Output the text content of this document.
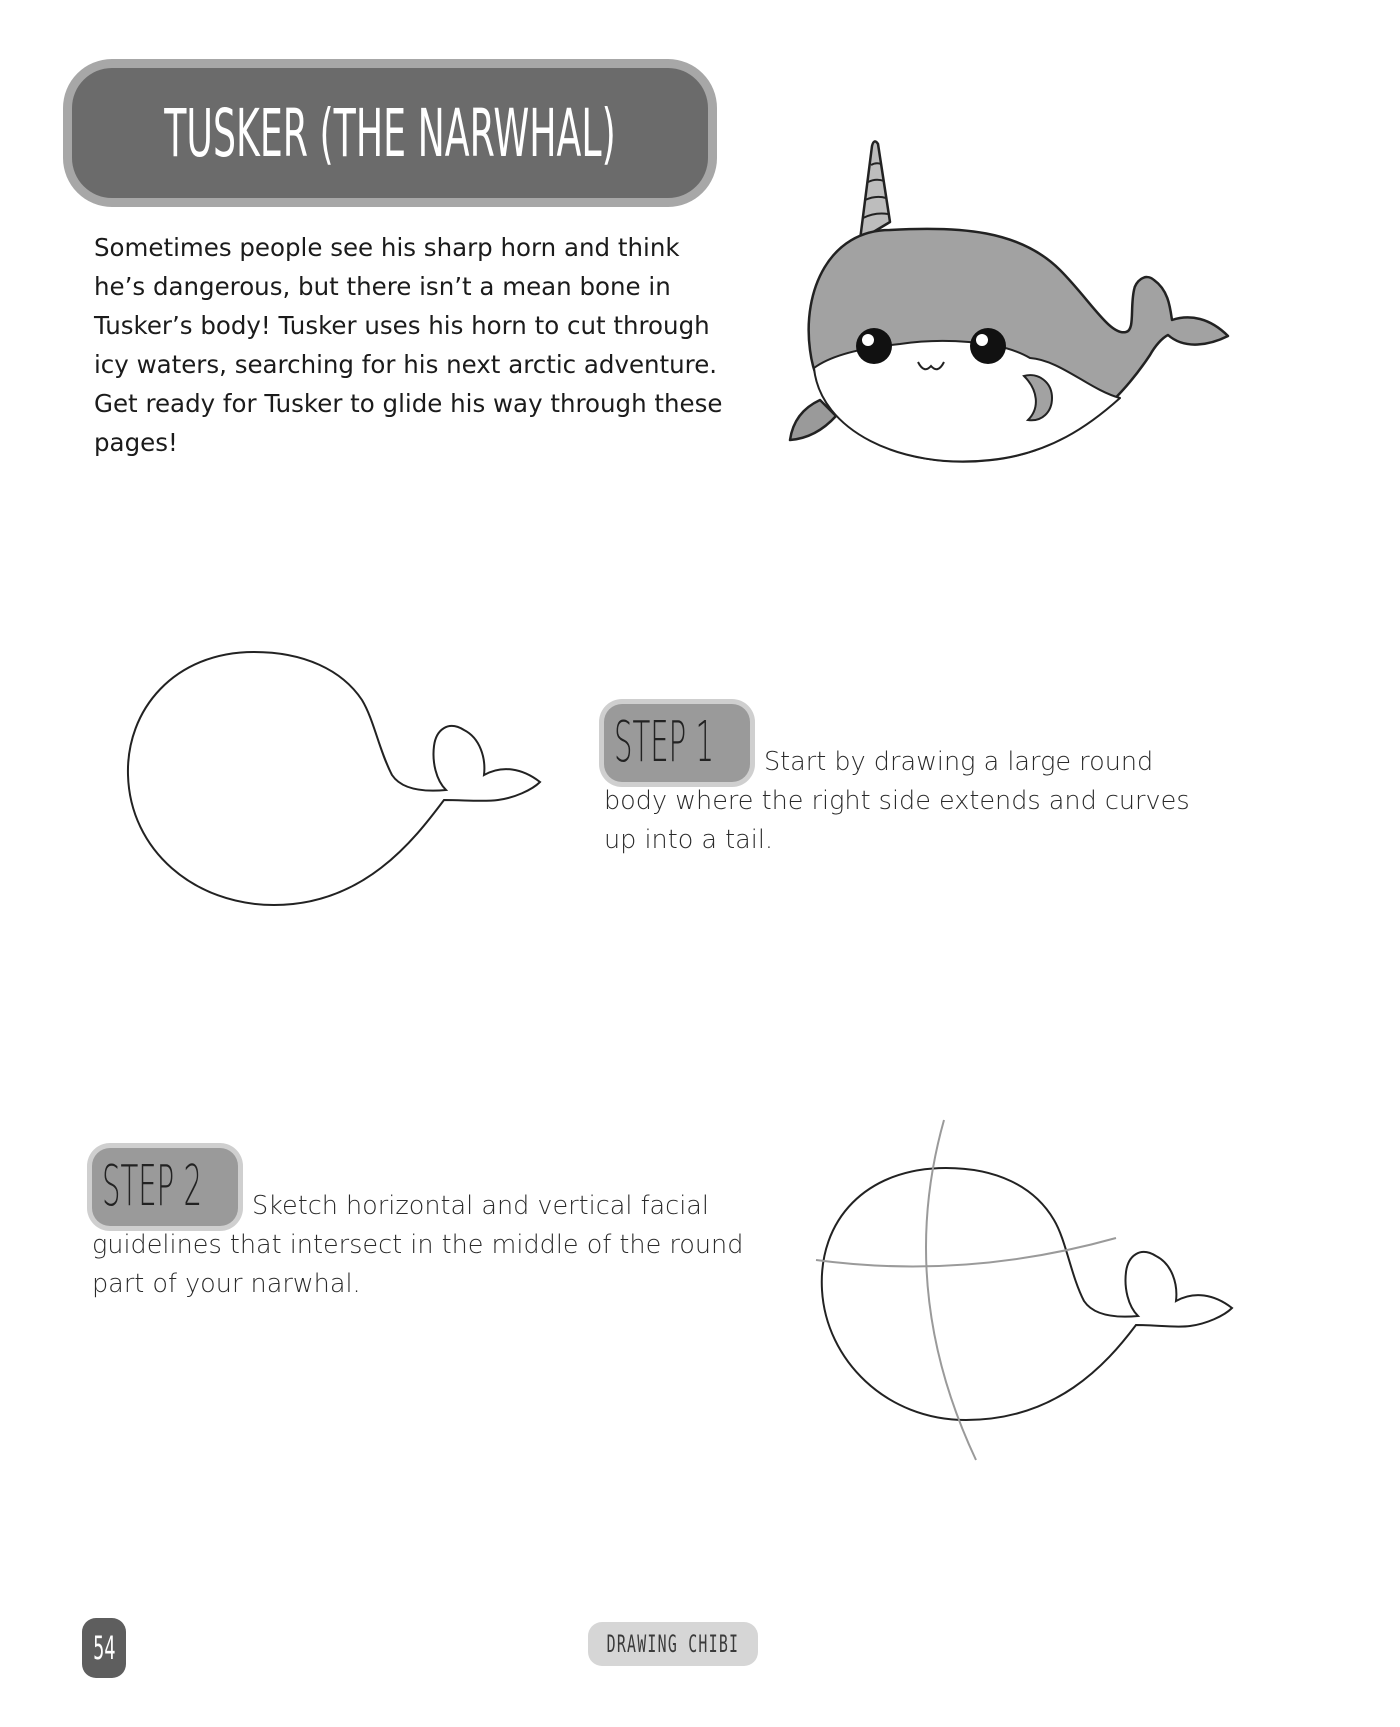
TUSKER (THE NARWHAL)

Sometimes people see his sharp horn and think he’s dangerous, but there isn’t a mean bone in Tusker’s body! Tusker uses his horn to cut through icy waters, searching for his next arctic adventure. Get ready for Tusker to glide his way through these pages!

STEP 1 Start by drawing a large round body where the right side extends and curves up into a tail.

STEP 2 Sketch horizontal and vertical facial guidelines that intersect in the middle of the round part of your narwhal.

54	DRAWING CHIBI
